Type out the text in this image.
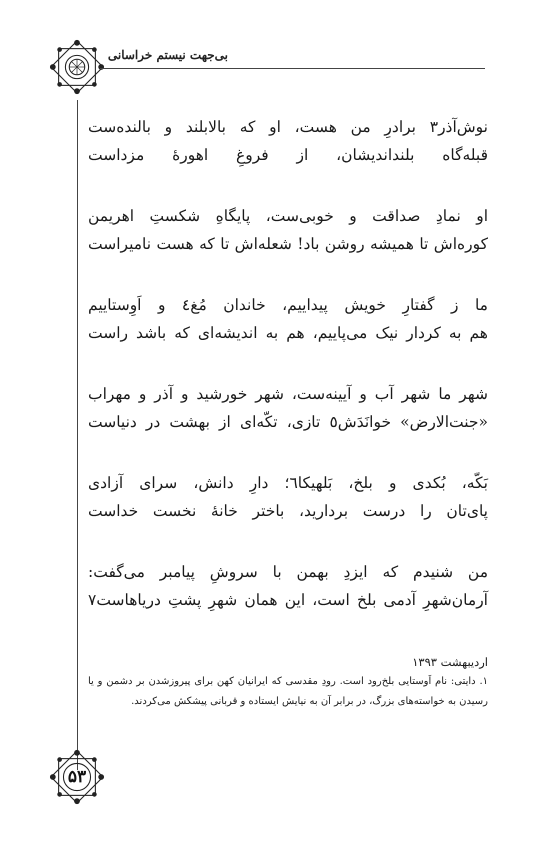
بی‌جهت نیستم خراسانی
نوش‌آذر۳ برادرِ من هست، او که بالابلند و بالنده‌ست
قبله‌گاه بلنداندیشان، از فروغِ اهورهٔ مزداست
او نمادِ صداقت و خوبی‌ست، پایگاهِ شکستِ اهریمن
کوره‌اش تا همیشه روشن باد! شعله‌اش تا که هست نامیراست
ما ز گفتارِ خویش پیداییم، خاندان مُغ٤ و اَوِستاییم
هم به کردار نیک می‌پاییم، هم به اندیشه‌ای که باشد راست
شهر ما شهر آب و آیینه‌ست، شهر خورشید و آذر و مهراب
«جنت‌الارض» خوانَدَش٥ تازی، تکّه‌ای از بهشت در دنیاست
بَکّه، بُکدی و بلخ، بَلهیکا٦؛ دارِ دانش، سرای آزادی
پای‌تان را درست بردارید، باختر خانهٔ نخست خداست
من شنیدم که ایزدِ بهمن با سروشِ پیامبر می‌گفت:
آرمان‌شهرِ آدمی بلخ است، این همان شهرِ پشتِ دریاهاست۷
اردیبهشت ۱۳۹۳
۱. دایتی: نام اَوستایی بلخ‌رود است. رودِ مقدسی که ایرانیان کهن برای پیروزشدن بر دشمن و یا رسیدن به خواسته‌های بزرگ، در برابر آن به نیایش ایستاده و قربانی پیشکش می‌کردند.
۵۳
